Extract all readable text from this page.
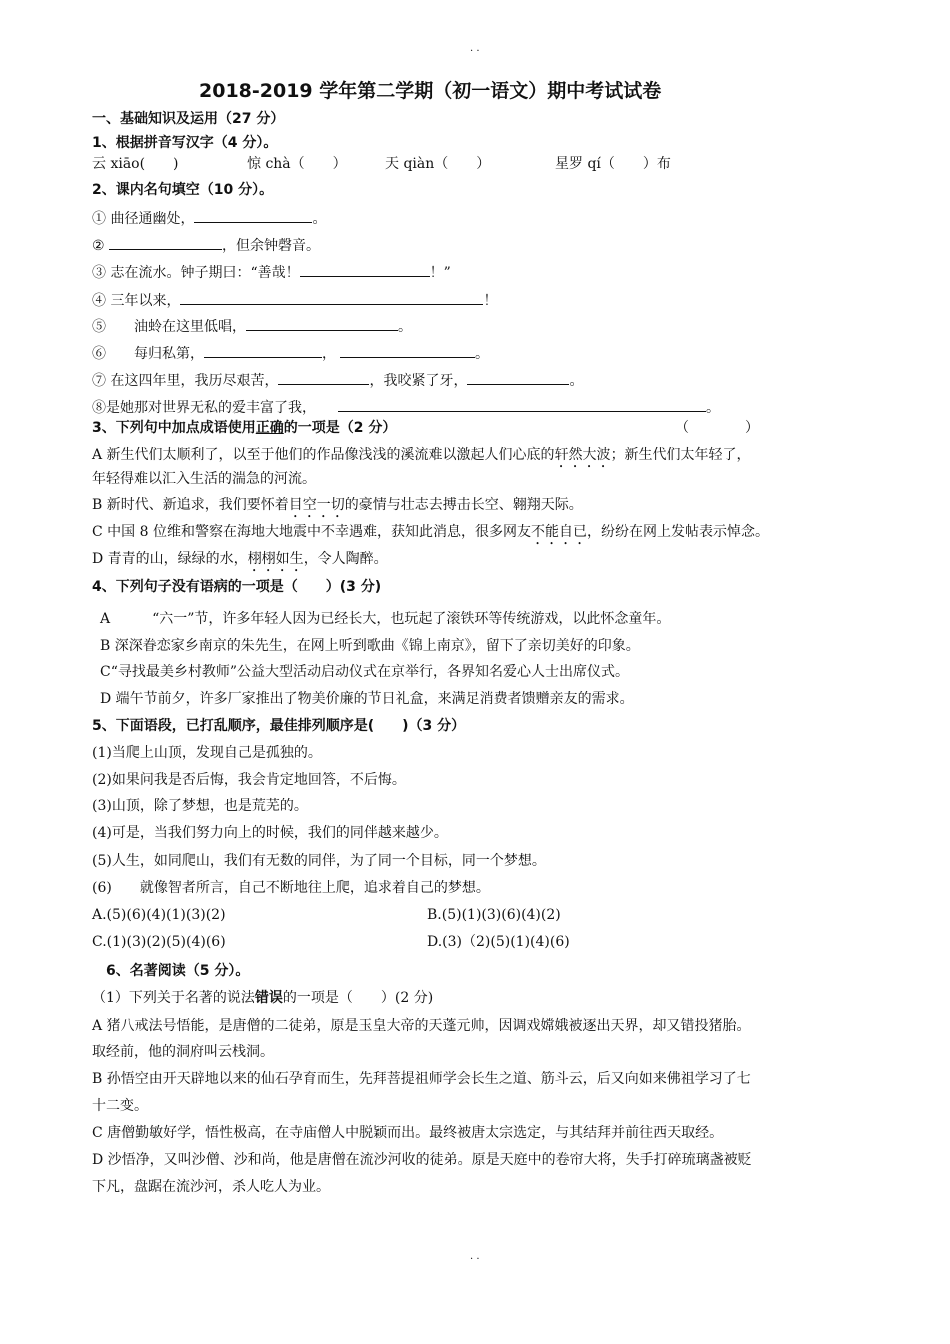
. .
2018-2019 学年第二学期（初一语文）期中考试试卷
一、基础知识及运用（27 分）
1、根据拼音写汉字（4 分）。
云 xiāo(　　)	惊 chà（　　）	天 qiàn（　　）	星罗 qí（　　）布
2、课内名句填空（10 分）。
① 曲径通幽处，	。
②	，但余钟磬音。
③ 志在流水。钟子期曰：“善哉！	！”
④ 三年以来，	！
⑤　　油蛉在这里低唱，	。
⑥　　每归私第，	，	。
⑦ 在这四年里，我历尽艰苦，	，我咬紧了牙，	。
⑧是她那对世界无私的爱丰富了我，	。
3、下列句中加点成语使用正确的一项是（2 分）	（　　　　）
A 新生代们太顺利了，以至于他们的作品像浅浅的溪流难以激起人们心底的轩然大波；新生代们太年轻了，
年轻得难以汇入生活的湍急的河流。
B 新时代、新追求，我们要怀着目空一切的豪情与壮志去搏击长空、翱翔天际。
C 中国 8 位维和警察在海地大地震中不幸遇难，获知此消息，很多网友不能自已，纷纷在网上发帖表示悼念。
D 青青的山，绿绿的水，栩栩如生，令人陶醉。
4、下列句子没有语病的一项是（　　）(3 分)
A　　　“六一”节，许多年轻人因为已经长大，也玩起了滚铁环等传统游戏，以此怀念童年。
B 深深眷恋家乡南京的朱先生，在网上听到歌曲《锦上南京》，留下了亲切美好的印象。
C“寻找最美乡村教师”公益大型活动启动仪式在京举行，各界知名爱心人士出席仪式。
D 端午节前夕，许多厂家推出了物美价廉的节日礼盒，来满足消费者馈赠亲友的需求。
5、下面语段，已打乱顺序，最佳排列顺序是(　　)（3 分）
(1)当爬上山顶，发现自己是孤独的。
(2)如果问我是否后悔，我会肯定地回答，不后悔。
(3)山顶，除了梦想，也是荒芜的。
(4)可是，当我们努力向上的时候，我们的同伴越来越少。
(5)人生，如同爬山，我们有无数的同伴，为了同一个目标，同一个梦想。
(6)　　就像智者所言，自己不断地往上爬，追求着自己的梦想。
A.(5)(6)(4)(1)(3)(2)	B.(5)(1)(3)(6)(4)(2)
C.(1)(3)(2)(5)(4)(6)	D.(3)（2)(5)(1)(4)(6)
6、名著阅读（5 分）。
（1）下列关于名著的说法错误的一项是（　　）(2 分)
A 猪八戒法号悟能，是唐僧的二徒弟，原是玉皇大帝的天蓬元帅，因调戏嫦娥被逐出天界，却又错投猪胎。
取经前，他的洞府叫云栈洞。
B 孙悟空由开天辟地以来的仙石孕育而生，先拜菩提祖师学会长生之道、筋斗云，后又向如来佛祖学习了七
十二变。
C 唐僧勤敏好学，悟性极高，在寺庙僧人中脱颖而出。最终被唐太宗选定，与其结拜并前往西天取经。
D 沙悟净，又叫沙僧、沙和尚，他是唐僧在流沙河收的徒弟。原是天庭中的卷帘大将，失手打碎琉璃盏被贬
下凡，盘踞在流沙河，杀人吃人为业。
. .
